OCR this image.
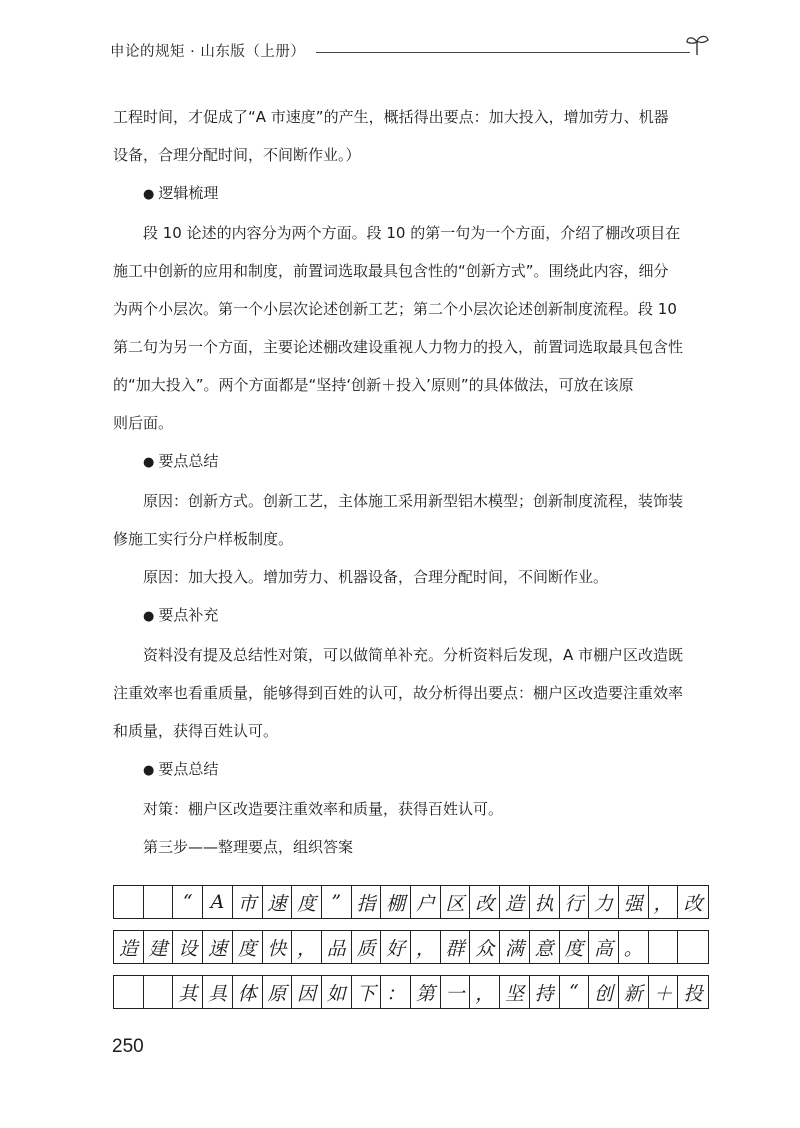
申论的规矩 · 山东版（上册）

工程时间，才促成了“A 市速度”的产生，概括得出要点：加大投入，增加劳力、机器

设备，合理分配时间，不间断作业。）

● 逻辑梳理

段 10 论述的内容分为两个方面。段 10 的第一句为一个方面，介绍了棚改项目在

施工中创新的应用和制度，前置词选取最具包含性的“创新方式”。围绕此内容，细分

为两个小层次。第一个小层次论述创新工艺；第二个小层次论述创新制度流程。段 10

第二句为另一个方面，主要论述棚改建设重视人力物力的投入，前置词选取最具包含性

的“加大投入”。两个方面都是“坚持‘创新＋投入’原则”的具体做法，可放在该原

则后面。

● 要点总结

原因：创新方式。创新工艺，主体施工采用新型铝木模型；创新制度流程，装饰装

修施工实行分户样板制度。

原因：加大投入。增加劳力、机器设备，合理分配时间，不间断作业。

● 要点补充

资料没有提及总结性对策，可以做简单补充。分析资料后发现，A 市棚户区改造既

注重效率也看重质量，能够得到百姓的认可，故分析得出要点：棚户区改造要注重效率

和质量，获得百姓认可。

● 要点总结

对策：棚户区改造要注重效率和质量，获得百姓认可。

第三步——整理要点，组织答案

“ A 市 速 度 ” 指 棚 户 区 改 造 执 行 力 强 ， 改
造 建 设 速 度 快 ， 品 质 好 ， 群 众 满 意 度 高 。
其 具 体 原 因 如 下 ： 第 一 ， 坚 持 “ 创 新 ＋ 投
250
